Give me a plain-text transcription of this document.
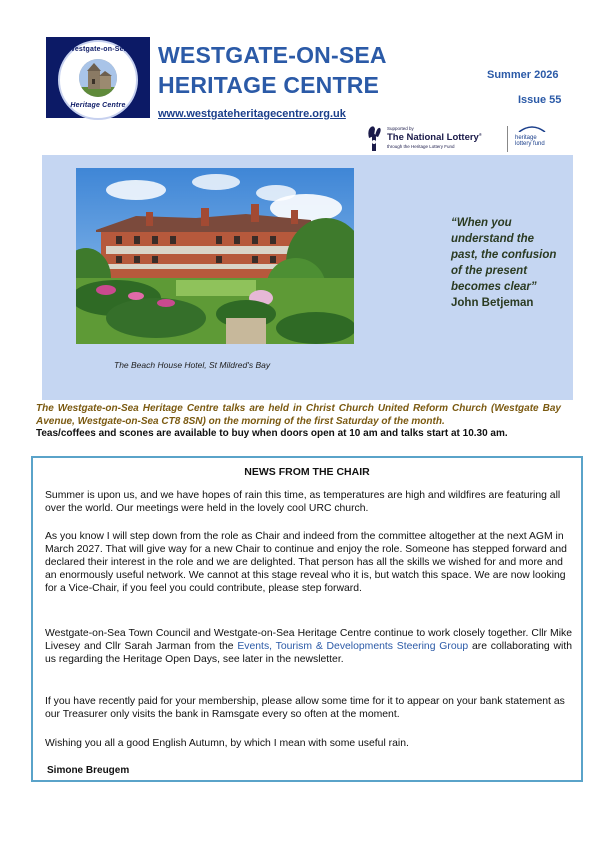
Westgate-on-Sea
Heritage Centre
WESTGATE-ON-SEA
HERITAGE CENTRE
www.westgateheritagecentre.org.uk
Summer 2026
Issue 55
Supported by
The National Lottery®
through the Heritage Lottery Fund
heritage
lottery fund
The Beach House Hotel, St Mildred's Bay
“When you understand the past, the confusion of the present becomes clear”
John Betjeman
The Westgate-on-Sea Heritage Centre talks are held in Christ Church United Reform Church (Westgate Bay Avenue, Westgate-on-Sea CT8 8SN) on the morning of the first Saturday of the month.
Teas/coffees and scones are available to buy when doors open at 10 am and talks start at 10.30 am.
NEWS FROM THE CHAIR
Summer is upon us, and we have hopes of rain this time, as temperatures are high and wildfires are featuring all over the world. Our meetings were held in the lovely cool URC church.
As you know I will step down from the role as Chair and indeed from the committee altogether at the next AGM in March 2027. That will give way for a new Chair to continue and enjoy the role. Someone has stepped forward and declared their interest in the role and we are delighted. That person has all the skills we wished for and more and an enormously useful network. We cannot at this stage reveal who it is, but watch this space. We are now looking for a Vice-Chair, if you feel you could contribute, please step forward.
Westgate-on-Sea Town Council and Westgate-on-Sea Heritage Centre continue to work closely together. Cllr Mike Livesey and Cllr Sarah Jarman from the Events, Tourism & Developments Steering Group are collaborating with us regarding the Heritage Open Days, see later in the newsletter.
If you have recently paid for your membership, please allow some time for it to appear on your bank statement as our Treasurer only visits the bank in Ramsgate every so often at the moment.
Wishing you all a good English Autumn, by which I mean with some useful rain.
Simone Breugem
